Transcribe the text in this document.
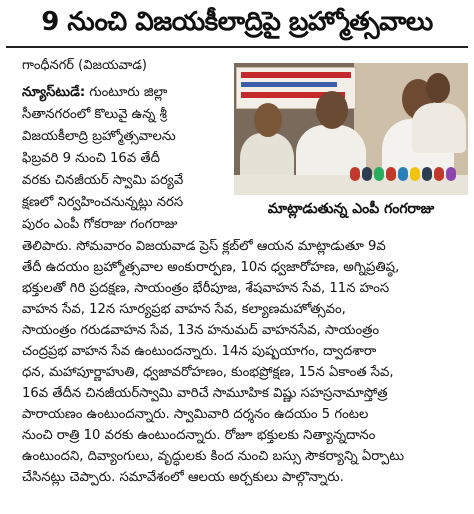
9 నుంచి విజయకీలాద్రిపై బ్రహ్మోత్సవాలు
గాంధీనగర్ (విజయవాడ)
న్యూస్‌టుడే: గుంటూరు జిల్లా
సీతానగరంలో కొలువై ఉన్న శ్రీ
విజయకీలాద్రి బ్రహ్మోత్సవాలను
ఫిబ్రవరి 9 నుంచి 16వ తేదీ
వరకు చినజీయర్ స్వామి పర్యవే
క్షణలో నిర్వహించనున్నట్లు నరస
పురం ఎంపీ గోకరాజు గంగరాజు
మాట్లాడుతున్న ఎంపీ గంగరాజు
తెలిపారు. సోమవారం విజయవాడ ప్రెస్ క్లబ్‌లో ఆయన మాట్లాడుతూ 9వ
తేదీ ఉదయం బ్రహ్మోత్సవాల అంకురార్పణ, 10న ధ్వజారోహణ, అగ్నిప్రతిష్ఠ,
భక్తులతో గిరి ప్రదక్షణ, సాయంత్రం భేరీపూజ, శేషవాహన సేవ, 11న హంస
వాహన సేవ, 12న సూర్యప్రభ వాహన సేవ, కల్యాణమహోత్సవం,
సాయంత్రం గరుడవాహన సేవ, 13న హనుమద్ వాహనసేవ, సాయంత్రం
చంద్రప్రభ వాహన సేవ ఉంటుందన్నారు. 14న పుష్పయాగం, ద్వాదశారా
ధన, మహాపూర్ణాహుతి, ధ్వజావరోహణం, కుంభప్రోక్షణ, 15న ఏకాంత సేవ,
16వ తేదీన చినజీయర్‌స్వామి వారిచే సామూహిక విష్ణు సహస్రనామాస్తోత్ర
పారాయణం ఉంటుందన్నారు. స్వామివారి దర్శనం ఉదయం 5 గంటల
నుంచి రాత్రి 10 వరకు ఉంటుందన్నారు. రోజూ భక్తులకు నిత్యాన్నదానం
ఉంటుందని, దివ్యాంగులు, వృద్ధులకు కింద నుంచి బస్సు సౌకర్యాన్ని ఏర్పాటు
చేసినట్లు చెప్పారు. సమావేశంలో ఆలయ అర్చకులు పాల్గొన్నారు.
